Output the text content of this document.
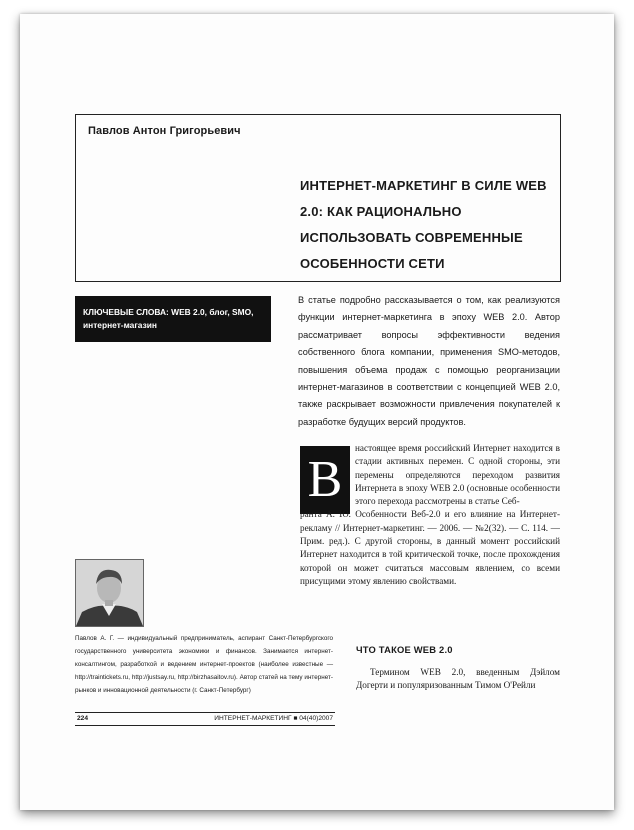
Павлов Антон Григорьевич
ИНТЕРНЕТ-МАРКЕТИНГ В СИЛЕ WEB 2.0: КАК РАЦИОНАЛЬНО ИСПОЛЬЗОВАТЬ СОВРЕМЕННЫЕ ОСОБЕННОСТИ СЕТИ
КЛЮЧЕВЫЕ СЛОВА: WEB 2.0, блог, SMO, интернет-магазин
В статье подробно рассказывается о том, как реализуются функции интернет-маркетинга в эпоху WEB 2.0. Автор рассматривает вопросы эффективности ведения собственного блога компании, применения SMO-методов, повышения объема продаж с помощью реорганизации интернет-магазинов в соответствии с концепцией WEB 2.0, также раскрывает возможности привлечения покупателей к разработке будущих версий продуктов.
В
настоящее время российский Интернет находится в стадии активных перемен. С одной стороны, эти перемены определяются переходом развития Интернета в эпоху WEB 2.0 (основные особенности этого перехода рассмотрены в статье Себ-
ранта А. Ю. Особенности Веб-2.0 и его влияние на Интернет-рекламу // Интернет-маркетинг. — 2006. — №2(32). — С. 114. — Прим. ред.). С другой стороны, в данный момент российский Интернет находится в той критической точке, после прохождения которой он может считаться массовым явлением, со всеми присущими этому явлению свойствами.
Павлов А. Г. — индивидуальный предприниматель, аспирант Санкт-Петербургского государственного университета экономики и финансов. Занимается интернет-консалтингом, разработкой и ведением интернет-проектов (наиболее известные — http://traintickets.ru, http://justsay.ru, http://birzhasaitov.ru). Автор статей на тему интернет-рынков и инновационной деятельности (г. Санкт-Петербург)
ЧТО ТАКОЕ WEB 2.0
Термином WEB 2.0, введенным Дэйлом Догерти и популяризованным Тимом О'Рейли
224	ИНТЕРНЕТ-МАРКЕТИНГ ■ 04(40)2007
